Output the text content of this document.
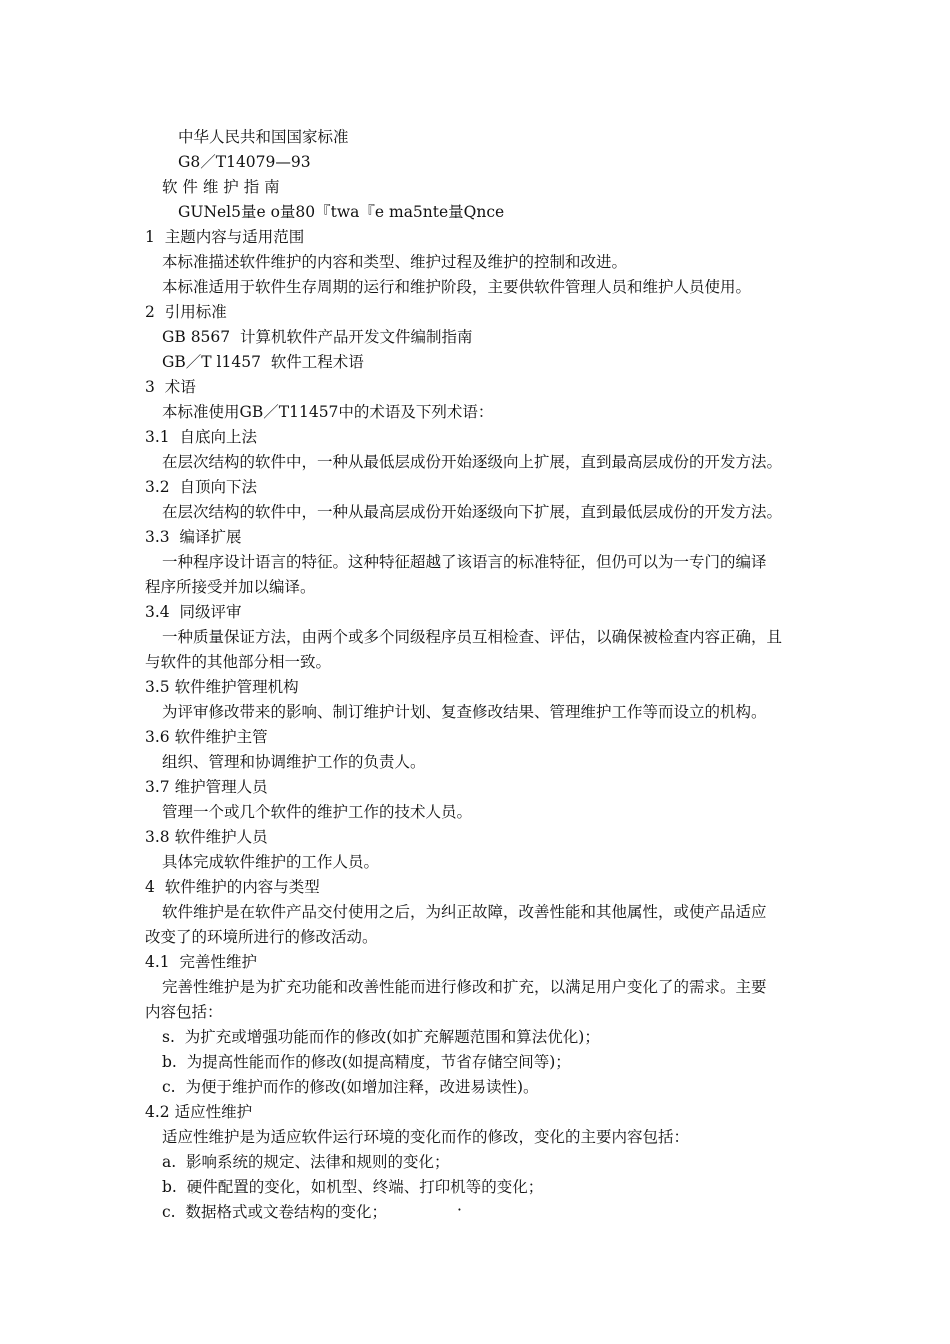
中华人民共和国国家标准
G8／T14079—93
软 件 维 护 指 南
GUNel5量e o量80『twa『e ma5nte量Qnce
1  主题内容与适用范围
本标准描述软件维护的内容和类型、维护过程及维护的控制和改进。
本标准适用于软件生存周期的运行和维护阶段，主要供软件管理人员和维护人员使用。
2  引用标准
GB 8567  计算机软件产品开发文件编制指南
GB／T l1457  软件工程术语
3  术语
本标准使用GB／T11457中的术语及下列术语：
3.1  自底向上法
在层次结构的软件中，一种从最低层成份开始逐级向上扩展，直到最高层成份的开发方法。
3.2  自顶向下法
在层次结构的软件中，一种从最高层成份开始逐级向下扩展，直到最低层成份的开发方法。
3.3  编译扩展
一种程序设计语言的特征。这种特征超越了该语言的标准特征，但仍可以为一专门的编译
程序所接受并加以编译。
3.4  同级评审
一种质量保证方法，由两个或多个同级程序员互相检查、评估，以确保被检查内容正确，且
与软件的其他部分相一致。
3.5 软件维护管理机构
为评审修改带来的影响、制订维护计划、复查修改结果、管理维护工作等而设立的机构。
3.6 软件维护主管
组织、管理和协调维护工作的负责人。
3.7 维护管理人员
管理一个或几个软件的维护工作的技术人员。
3.8 软件维护人员
具体完成软件维护的工作人员。
4  软件维护的内容与类型
软件维护是在软件产品交付使用之后，为纠正故障，改善性能和其他属性，或使产品适应
改变了的环境所进行的修改活动。
4.1  完善性维护
完善性维护是为扩充功能和改善性能而进行修改和扩充，以满足用户变化了的需求。主要
内容包括：
s.  为扩充或增强功能而作的修改(如扩充解题范围和算法优化)；
b.  为提高性能而作的修改(如提高精度，节省存储空间等)；
c.  为便于维护而作的修改(如增加注释，改进易读性)。
4.2 适应性维护
适应性维护是为适应软件运行环境的变化而作的修改，变化的主要内容包括：
a.  影响系统的规定、法律和规则的变化；
b.  硬件配置的变化，如机型、终端、打印机等的变化；
c.  数据格式或文卷结构的变化；	·
